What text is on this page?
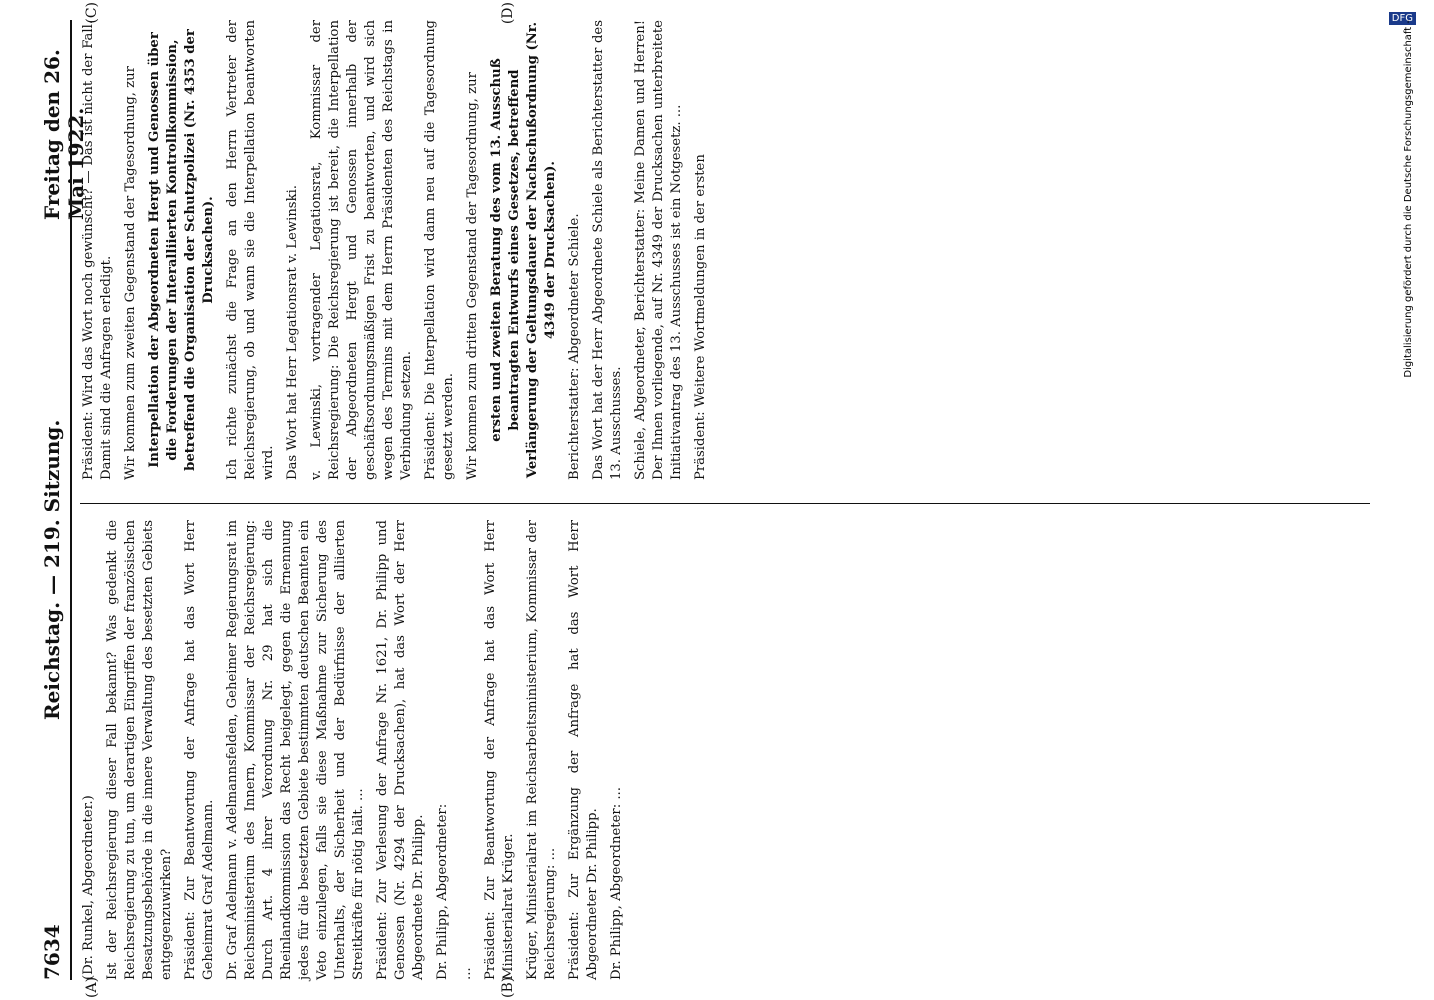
7634
Reichstag. — 219. Sitzung.
Freitag den 26. Mai 1922.
(A)	(B)
(C)	(D)

(Dr. Runkel, Abgeordneter.) Ist der Reichsregierung dieser Fall bekannt? Was gedenkt die Reichsregierung zu tun, um derartigen Eingriffen der französischen Besatzungsbehörde in die innere Verwaltung des besetzten Gebiets entgegenzuwirken? Präsident: Zur Beantwortung der Anfrage hat das Wort Herr Geheimrat Graf Adelmann. Dr. Graf Adelmann v. Adelmannsfelden, Geheimer Regierungsrat im Reichsministerium des Innern, Kommissar der Reichsregierung: Durch Art. 4 ihrer Verordnung Nr. 29 hat sich die Rheinlandkommission das Recht beigelegt, gegen die Ernennung jedes für die besetzten Gebiete bestimmten deutschen Beamten ein Veto einzulegen, falls sie diese Maßnahme zur Sicherung des Unterhalts, der Sicherheit und der Bedürfnisse der alliierten Streitkräfte für nötig hält. ... Präsident: Zur Verlesung der Anfrage Nr. 1621, Dr. Philipp und Genossen (Nr. 4294 der Drucksachen), hat das Wort der Herr Abgeordnete Dr. Philipp. Dr. Philipp, Abgeordneter: ... Präsident: Zur Beantwortung der Anfrage hat das Wort Herr Ministerialrat Krüger. Krüger, Ministerialrat im Reichsarbeitsministerium, Kommissar der Reichsregierung: ... Präsident: Zur Ergänzung der Anfrage hat das Wort Herr Abgeordneter Dr. Philipp. Dr. Philipp, Abgeordneter: ...

Präsident: Wird das Wort noch gewünscht? — Das ist nicht der Fall. Damit sind die Anfragen erledigt. Wir kommen zum zweiten Gegenstand der Tagesordnung, zur Interpellation der Abgeordneten Hergt und Genossen über die Forderungen der Interalliierten Kontrollkommission, betreffend die Organisation der Schutzpolizei (Nr. 4353 der Drucksachen). Ich richte zunächst die Frage an den Herrn Vertreter der Reichsregierung, ob und wann sie die Interpellation beantworten wird. Das Wort hat Herr Legationsrat v. Lewinski. v. Lewinski, vortragender Legationsrat, Kommissar der Reichsregierung: Die Reichsregierung ist bereit, die Interpellation der Abgeordneten Hergt und Genossen innerhalb der geschäftsordnungsmäßigen Frist zu beantworten, und wird sich wegen des Termins mit dem Herrn Präsidenten des Reichstags in Verbindung setzen. Präsident: Die Interpellation wird dann neu auf die Tagesordnung gesetzt werden. Wir kommen zum dritten Gegenstand der Tagesordnung, zur ersten und zweiten Beratung des vom 13. Ausschuß beantragten Entwurfs eines Gesetzes, betreffend Verlängerung der Geltungsdauer der Nachschußordnung (Nr. 4349 der Drucksachen). Berichterstatter: Abgeordneter Schiele. Das Wort hat der Herr Abgeordnete Schiele als Berichterstatter des 13. Ausschusses. Schiele, Abgeordneter, Berichterstatter: Meine Damen und Herren! Der Ihnen vorliegende, auf Nr. 4349 der Drucksachen unterbreitete Initiativantrag des 13. Ausschusses ist ein Notgesetz. ... Präsident: Weitere Wortmeldungen in der ersten

DFG
Digitalisierung gefördert durch die Deutsche Forschungsgemeinschaft -
